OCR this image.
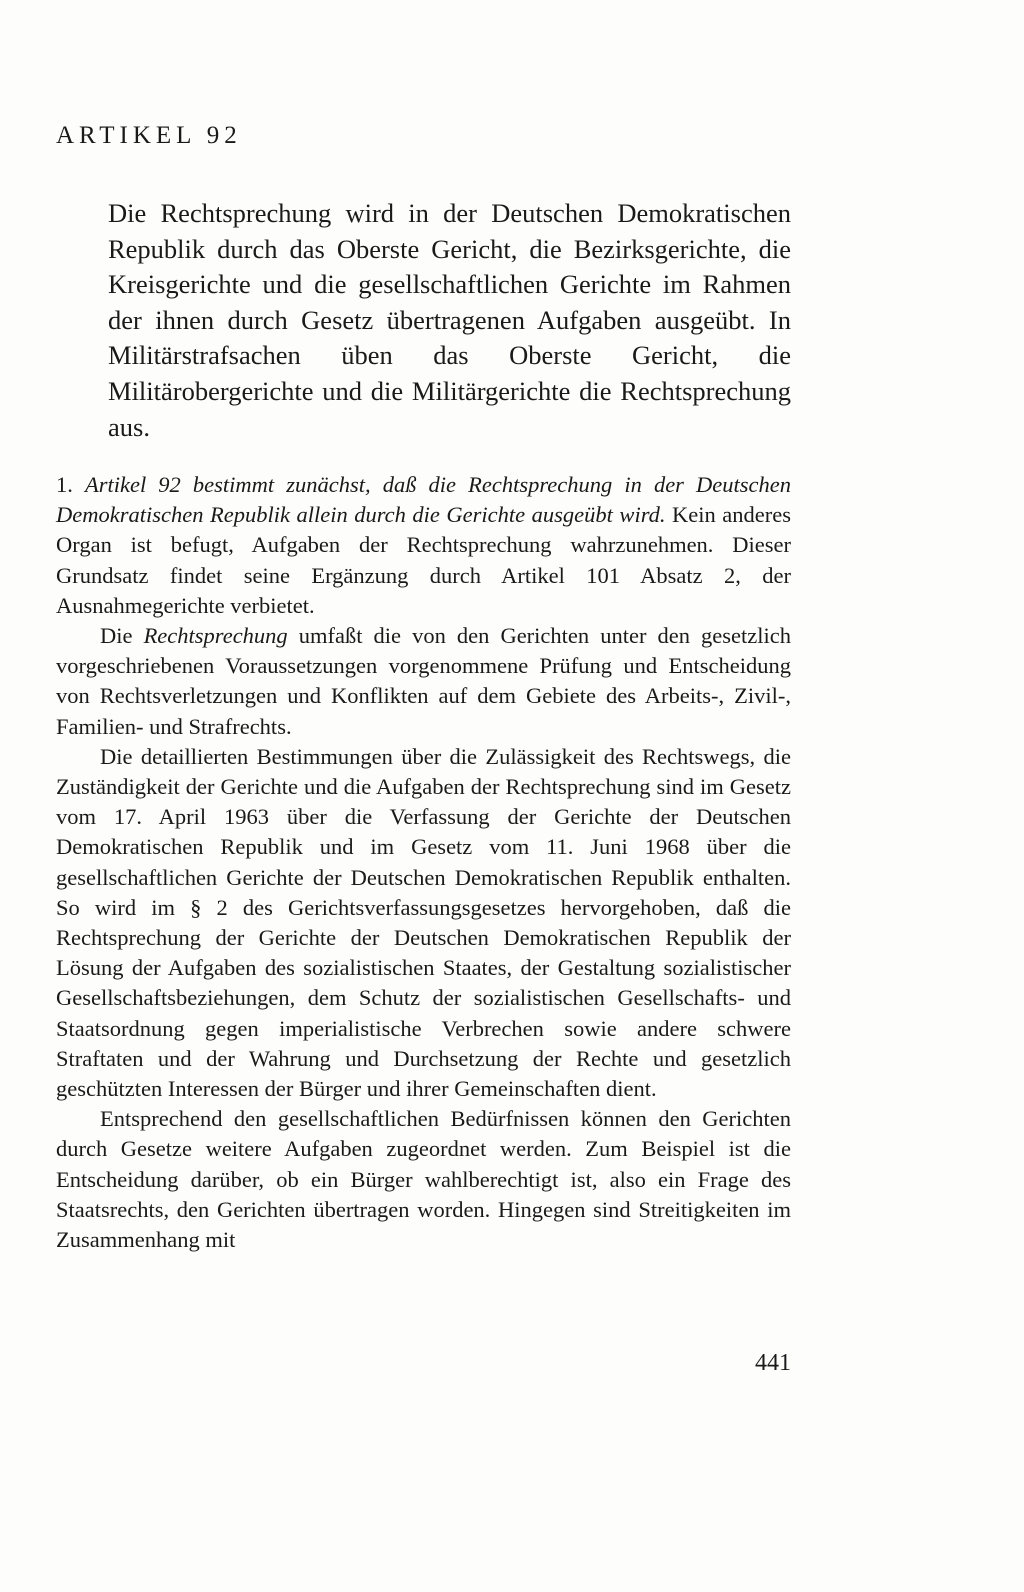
ARTIKEL 92

Die Rechtsprechung wird in der Deutschen Demokratischen Republik durch das Oberste Gericht, die Bezirksgerichte, die Kreisgerichte und die gesellschaftlichen Gerichte im Rahmen der ihnen durch Gesetz übertragenen Aufgaben ausgeübt. In Militärstrafsachen üben das Oberste Gericht, die Militärobergerichte und die Militärgerichte die Rechtsprechung aus.

1. Artikel 92 bestimmt zunächst, daß die Rechtsprechung in der Deutschen Demokratischen Republik allein durch die Gerichte ausgeübt wird. Kein anderes Organ ist befugt, Aufgaben der Rechtsprechung wahrzunehmen. Dieser Grundsatz findet seine Ergänzung durch Artikel 101 Absatz 2, der Ausnahmegerichte verbietet.

Die Rechtsprechung umfaßt die von den Gerichten unter den gesetzlich vorgeschriebenen Voraussetzungen vorgenommene Prüfung und Entscheidung von Rechtsverletzungen und Konflikten auf dem Gebiete des Arbeits-, Zivil-, Familien- und Strafrechts.

Die detaillierten Bestimmungen über die Zulässigkeit des Rechtswegs, die Zuständigkeit der Gerichte und die Aufgaben der Rechtsprechung sind im Gesetz vom 17. April 1963 über die Verfassung der Gerichte der Deutschen Demokratischen Republik und im Gesetz vom 11. Juni 1968 über die gesellschaftlichen Gerichte der Deutschen Demokratischen Republik enthalten. So wird im § 2 des Gerichtsverfassungsgesetzes hervorgehoben, daß die Rechtsprechung der Gerichte der Deutschen Demokratischen Republik der Lösung der Aufgaben des sozialistischen Staates, der Gestaltung sozialistischer Gesellschaftsbeziehungen, dem Schutz der sozialistischen Gesellschafts- und Staatsordnung gegen imperialistische Verbrechen sowie andere schwere Straftaten und der Wahrung und Durchsetzung der Rechte und gesetzlich geschützten Interessen der Bürger und ihrer Gemeinschaften dient.

Entsprechend den gesellschaftlichen Bedürfnissen können den Gerichten durch Gesetze weitere Aufgaben zugeordnet werden. Zum Beispiel ist die Entscheidung darüber, ob ein Bürger wahlberechtigt ist, also ein Frage des Staatsrechts, den Gerichten übertragen worden. Hingegen sind Streitigkeiten im Zusammenhang mit

441
